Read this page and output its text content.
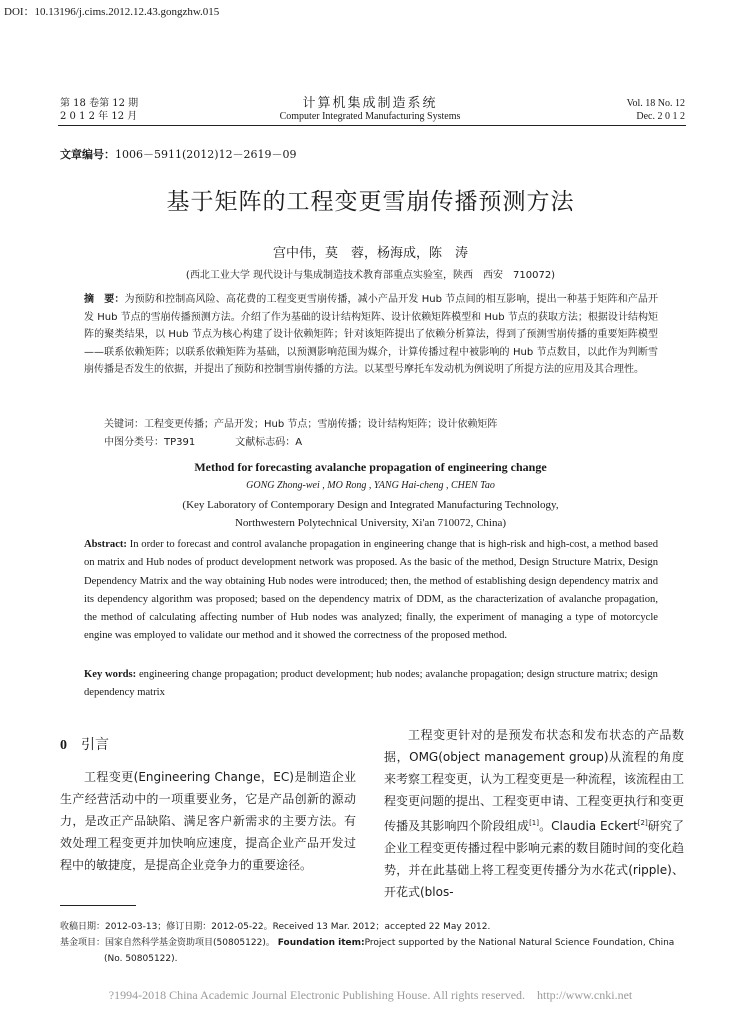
DOI：10.13196/j.cims.2012.12.43.gongzhw.015
第 18 卷第 12 期
2 0 1 2 年 12 月
计算机集成制造系统
Computer Integrated Manufacturing Systems
Vol. 18 No. 12
Dec. 2 0 1 2
文章编号：1006－5911(2012)12－2619－09
基于矩阵的工程变更雪崩传播预测方法
宫中伟，莫　蓉，杨海成，陈　涛
(西北工业大学 现代设计与集成制造技术教育部重点实验室，陕西　西安　710072)
摘　要：为预防和控制高风险、高花费的工程变更雪崩传播，减小产品开发 Hub 节点间的相互影响，提出一种基于矩阵和产品开发 Hub 节点的雪崩传播预测方法。介绍了作为基础的设计结构矩阵、设计依赖矩阵模型和 Hub 节点的获取方法；根据设计结构矩阵的聚类结果，以 Hub 节点为核心构建了设计依赖矩阵；针对该矩阵提出了依赖分析算法，得到了预测雪崩传播的重要矩阵模型——联系依赖矩阵；以联系依赖矩阵为基础，以预测影响范围为媒介，计算传播过程中被影响的 Hub 节点数目，以此作为判断雪崩传播是否发生的依据，并提出了预防和控制雪崩传播的方法。以某型号摩托车发动机为例说明了所提方法的应用及其合理性。
关键词：工程变更传播；产品开发；Hub 节点；雪崩传播；设计结构矩阵；设计依赖矩阵
中图分类号：TP391	文献标志码：A
Method for forecasting avalanche propagation of engineering change
GONG Zhong-wei , MO Rong , YANG Hai-cheng , CHEN Tao
(Key Laboratory of Contemporary Design and Integrated Manufacturing Technology,
Northwestern Polytechnical University, Xi'an 710072, China)
Abstract: In order to forecast and control avalanche propagation in engineering change that is high-risk and high-cost, a method based on matrix and Hub nodes of product development network was proposed. As the basic of the method, Design Structure Matrix, Design Dependency Matrix and the way obtaining Hub nodes were introduced; then, the method of establishing design dependency matrix and its dependency algorithm was proposed; based on the dependency matrix of DDM, as the characterization of avalanche propagation, the method of calculating affecting number of Hub nodes was analyzed; finally, the experiment of managing a type of motorcycle engine was employed to validate our method and it showed the correctness of the proposed method.
Key words: engineering change propagation; product development; hub nodes; avalanche propagation; design structure matrix; design dependency matrix
0 引言

工程变更(Engineering Change，EC)是制造企业生产经营活动中的一项重要业务，它是产品创新的源动力，是改正产品缺陷、满足客户新需求的主要方法。有效处理工程变更并加快响应速度，提高企业产品开发过程中的敏捷度，是提高企业竞争力的重要途径。

工程变更针对的是预发布状态和发布状态的产品数据，OMG(object management group)从流程的角度来考察工程变更，认为工程变更是一种流程，该流程由工程变更问题的提出、工程变更申请、工程变更执行和变更传播及其影响四个阶段组成[1]。Claudia Eckert[2]研究了企业工程变更传播过程中影响元素的数目随时间的变化趋势，并在此基础上将工程变更传播分为水花式(ripple)、开花式(blos-

收稿日期：2012-03-13；修订日期：2012-05-22。Received 13 Mar. 2012；accepted 22 May 2012.
基金项目：国家自然科学基金资助项目(50805122)。 Foundation item:Project supported by the National Natural Science Foundation, China
(No. 50805122).
?1994-2018 China Academic Journal Electronic Publishing House. All rights reserved.　http://www.cnki.net
